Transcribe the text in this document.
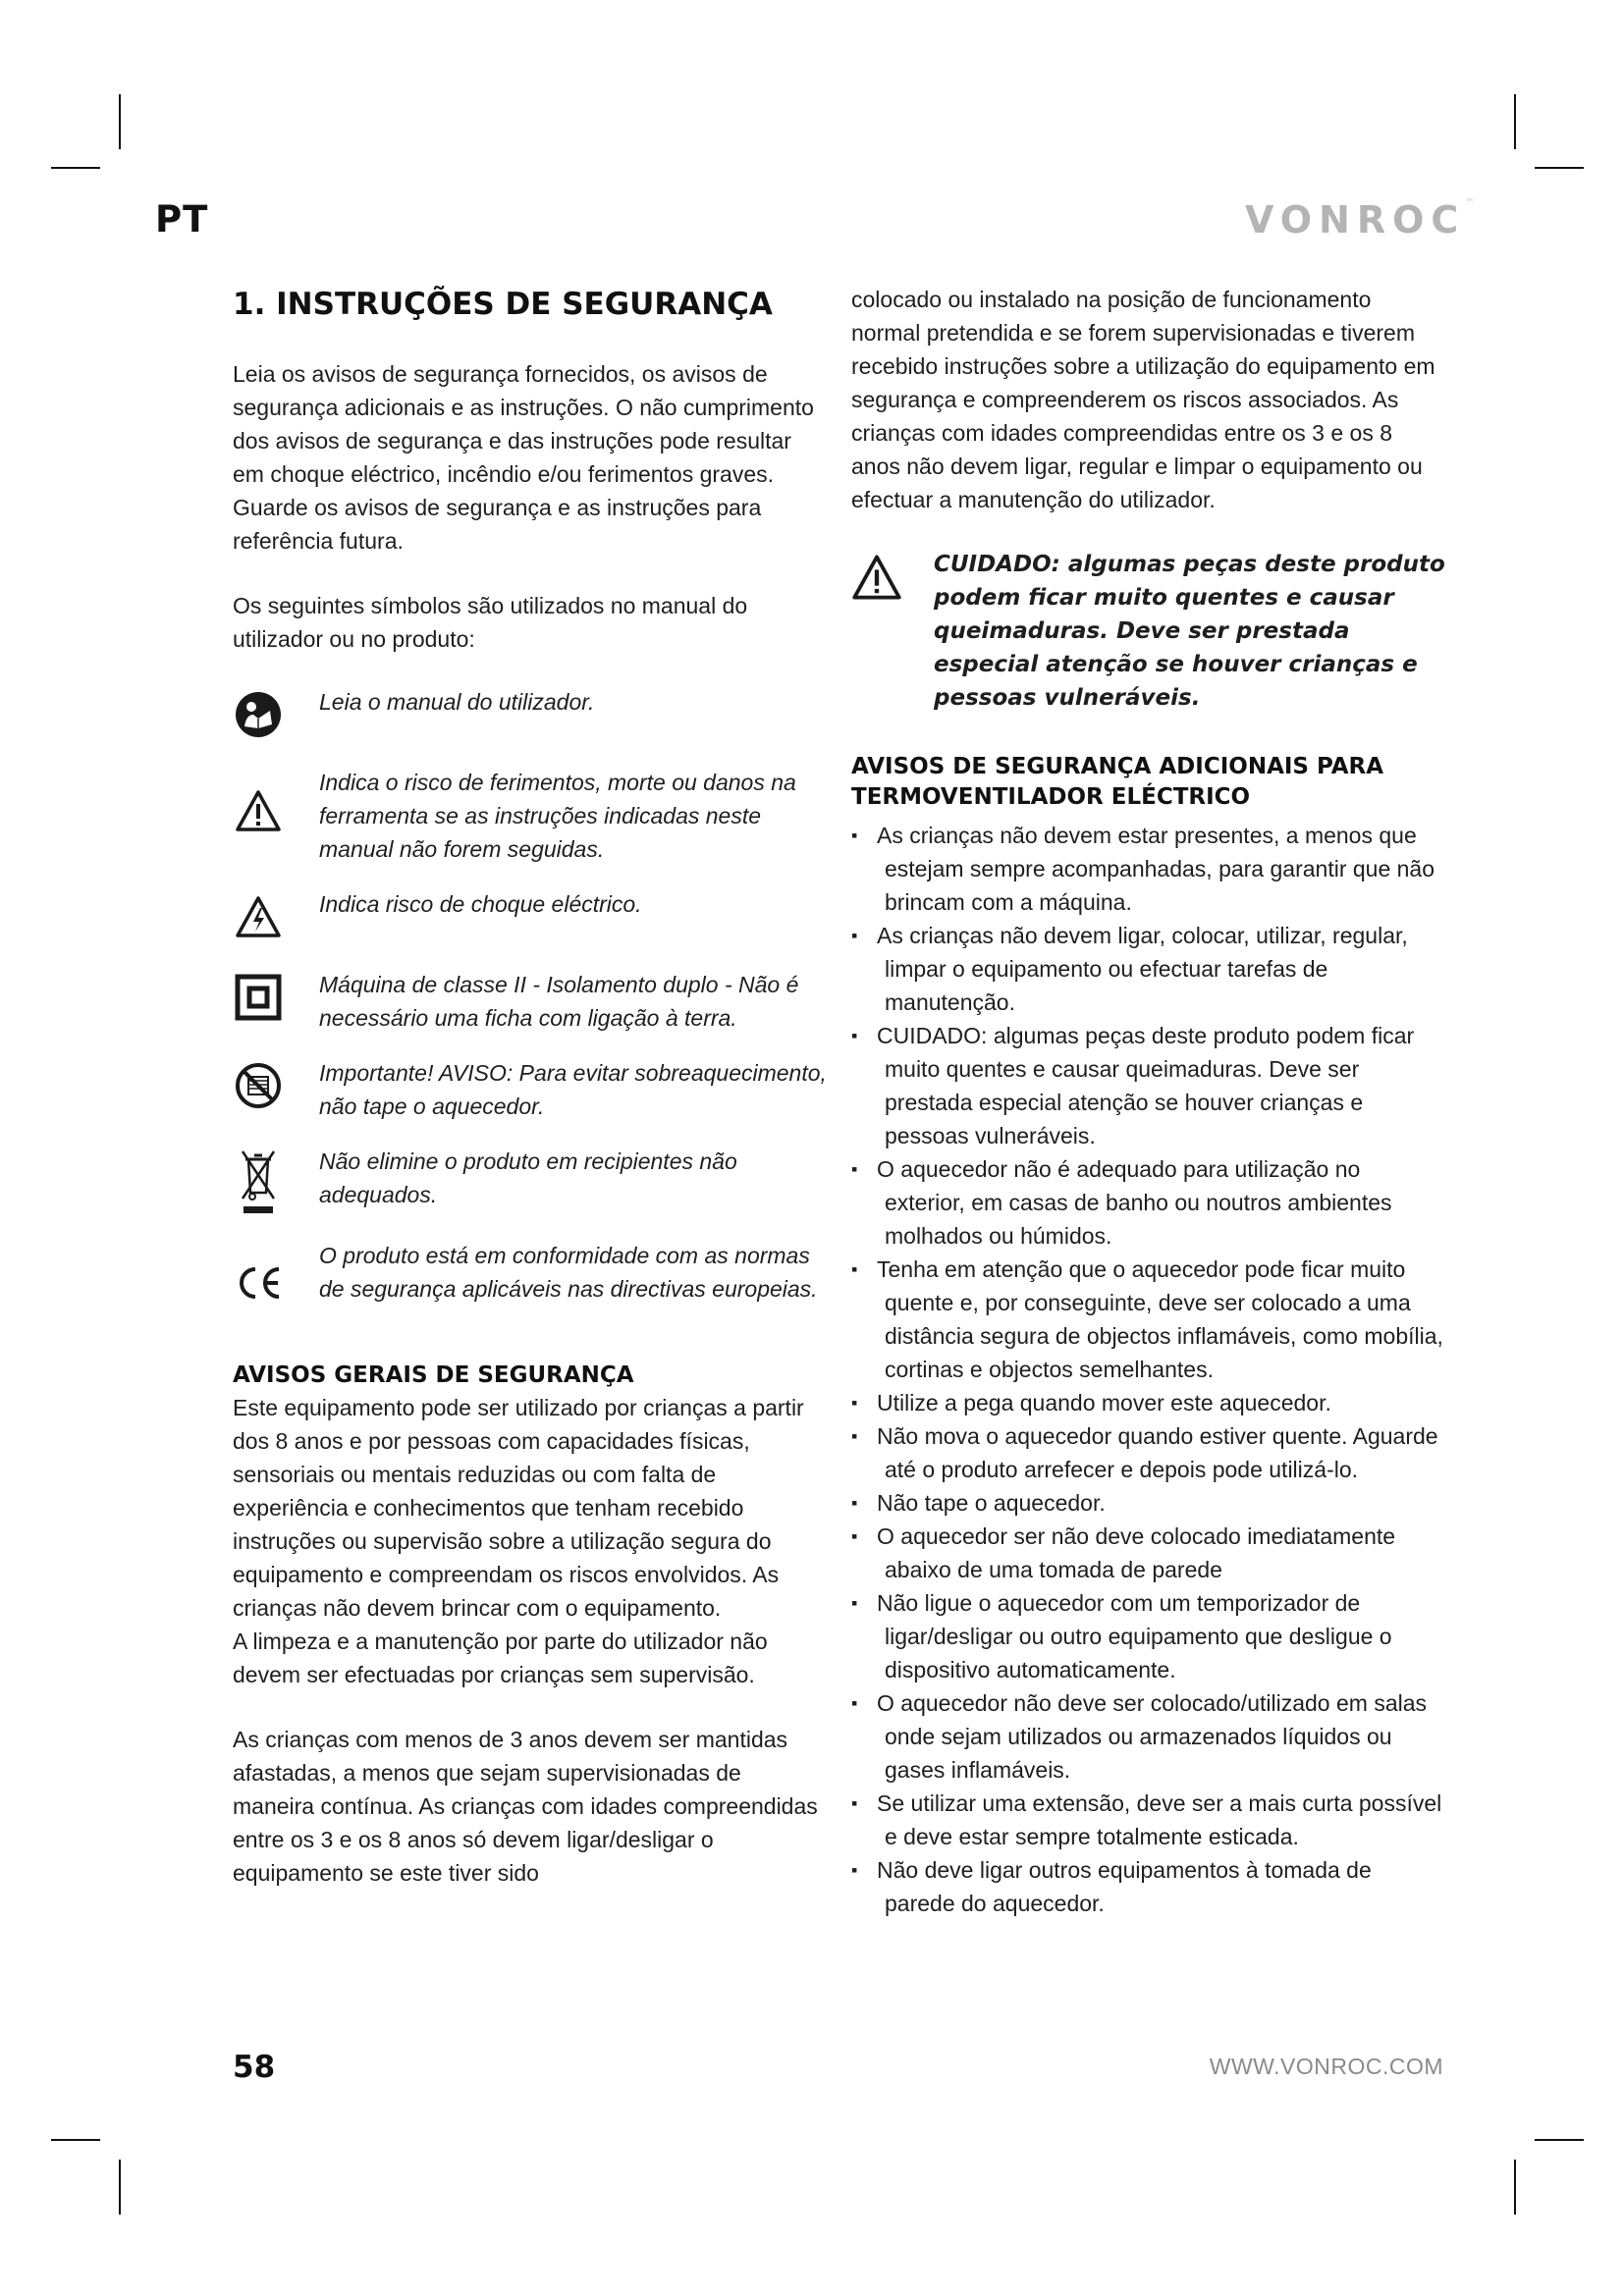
PT	VONROC™
1. INSTRUÇÕES DE SEGURANÇA

Leia os avisos de segurança fornecidos, os avisos de segurança adicionais e as instruções. O não cumprimento dos avisos de segurança e das instruções pode resultar em choque eléctrico, incêndio e/ou ferimentos graves. Guarde os avisos de segurança e as instruções para referência futura.

Os seguintes símbolos são utilizados no manual do utilizador ou no produto:

Leia o manual do utilizador.
Indica o risco de ferimentos, morte ou danos na ferramenta se as instruções indicadas neste manual não forem seguidas.
Indica risco de choque eléctrico.
Máquina de classe II - Isolamento duplo - Não é necessário uma ficha com ligação à terra.
Importante! AVISO: Para evitar sobreaquecimento, não tape o aquecedor.
Não elimine o produto em recipientes não adequados.
O produto está em conformidade com as normas de segurança aplicáveis nas directivas europeias.
AVISOS GERAIS DE SEGURANÇA

Este equipamento pode ser utilizado por crianças a partir dos 8 anos e por pessoas com capacidades físicas, sensoriais ou mentais reduzidas ou com falta de experiência e conhecimentos que tenham recebido instruções ou supervisão sobre a utilização segura do equipamento e compreendam os riscos envolvidos. As crianças não devem brincar com o equipamento.

A limpeza e a manutenção por parte do utilizador não devem ser efectuadas por crianças sem supervisão.

As crianças com menos de 3 anos devem ser mantidas afastadas, a menos que sejam supervisionadas de maneira contínua. As crianças com idades compreendidas entre os 3 e os 8 anos só devem ligar/desligar o equipamento se este tiver sido

colocado ou instalado na posição de funcionamento normal pretendida e se forem supervisionadas e tiverem recebido instruções sobre a utilização do equipamento em segurança e compreenderem os riscos associados. As crianças com idades compreendidas entre os 3 e os 8 anos não devem ligar, regular e limpar o equipamento ou efectuar a manutenção do utilizador.

CUIDADO: algumas peças deste produto podem ficar muito quentes e causar queimaduras. Deve ser prestada especial atenção se houver crianças e pessoas vulneráveis.
AVISOS DE SEGURANÇA ADICIONAIS PARA
TERMOVENTILADOR ELÉCTRICO
▪ As crianças não devem estar presentes, a menos que estejam sempre acompanhadas, para garantir que não brincam com a máquina.
▪ As crianças não devem ligar, colocar, utilizar, regular, limpar o equipamento ou efectuar tarefas de manutenção.
▪ CUIDADO: algumas peças deste produto podem ficar muito quentes e causar queimaduras. Deve ser prestada especial atenção se houver crianças e pessoas vulneráveis.
▪ O aquecedor não é adequado para utilização no exterior, em casas de banho ou noutros ambientes molhados ou húmidos.
▪ Tenha em atenção que o aquecedor pode ficar muito quente e, por conseguinte, deve ser colocado a uma distância segura de objectos inflamáveis, como mobília, cortinas e objectos semelhantes.
▪ Utilize a pega quando mover este aquecedor.
▪ Não mova o aquecedor quando estiver quente. Aguarde até o produto arrefecer e depois pode utilizá-lo.
▪ Não tape o aquecedor.
▪ O aquecedor ser não deve colocado imediatamente abaixo de uma tomada de parede
▪ Não ligue o aquecedor com um temporizador de ligar/desligar ou outro equipamento que desligue o dispositivo automaticamente.
▪ O aquecedor não deve ser colocado/utilizado em salas onde sejam utilizados ou armazenados líquidos ou gases inflamáveis.
▪ Se utilizar uma extensão, deve ser a mais curta possível e deve estar sempre totalmente esticada.
▪ Não deve ligar outros equipamentos à tomada de parede do aquecedor.
58	WWW.VONROC.COM
